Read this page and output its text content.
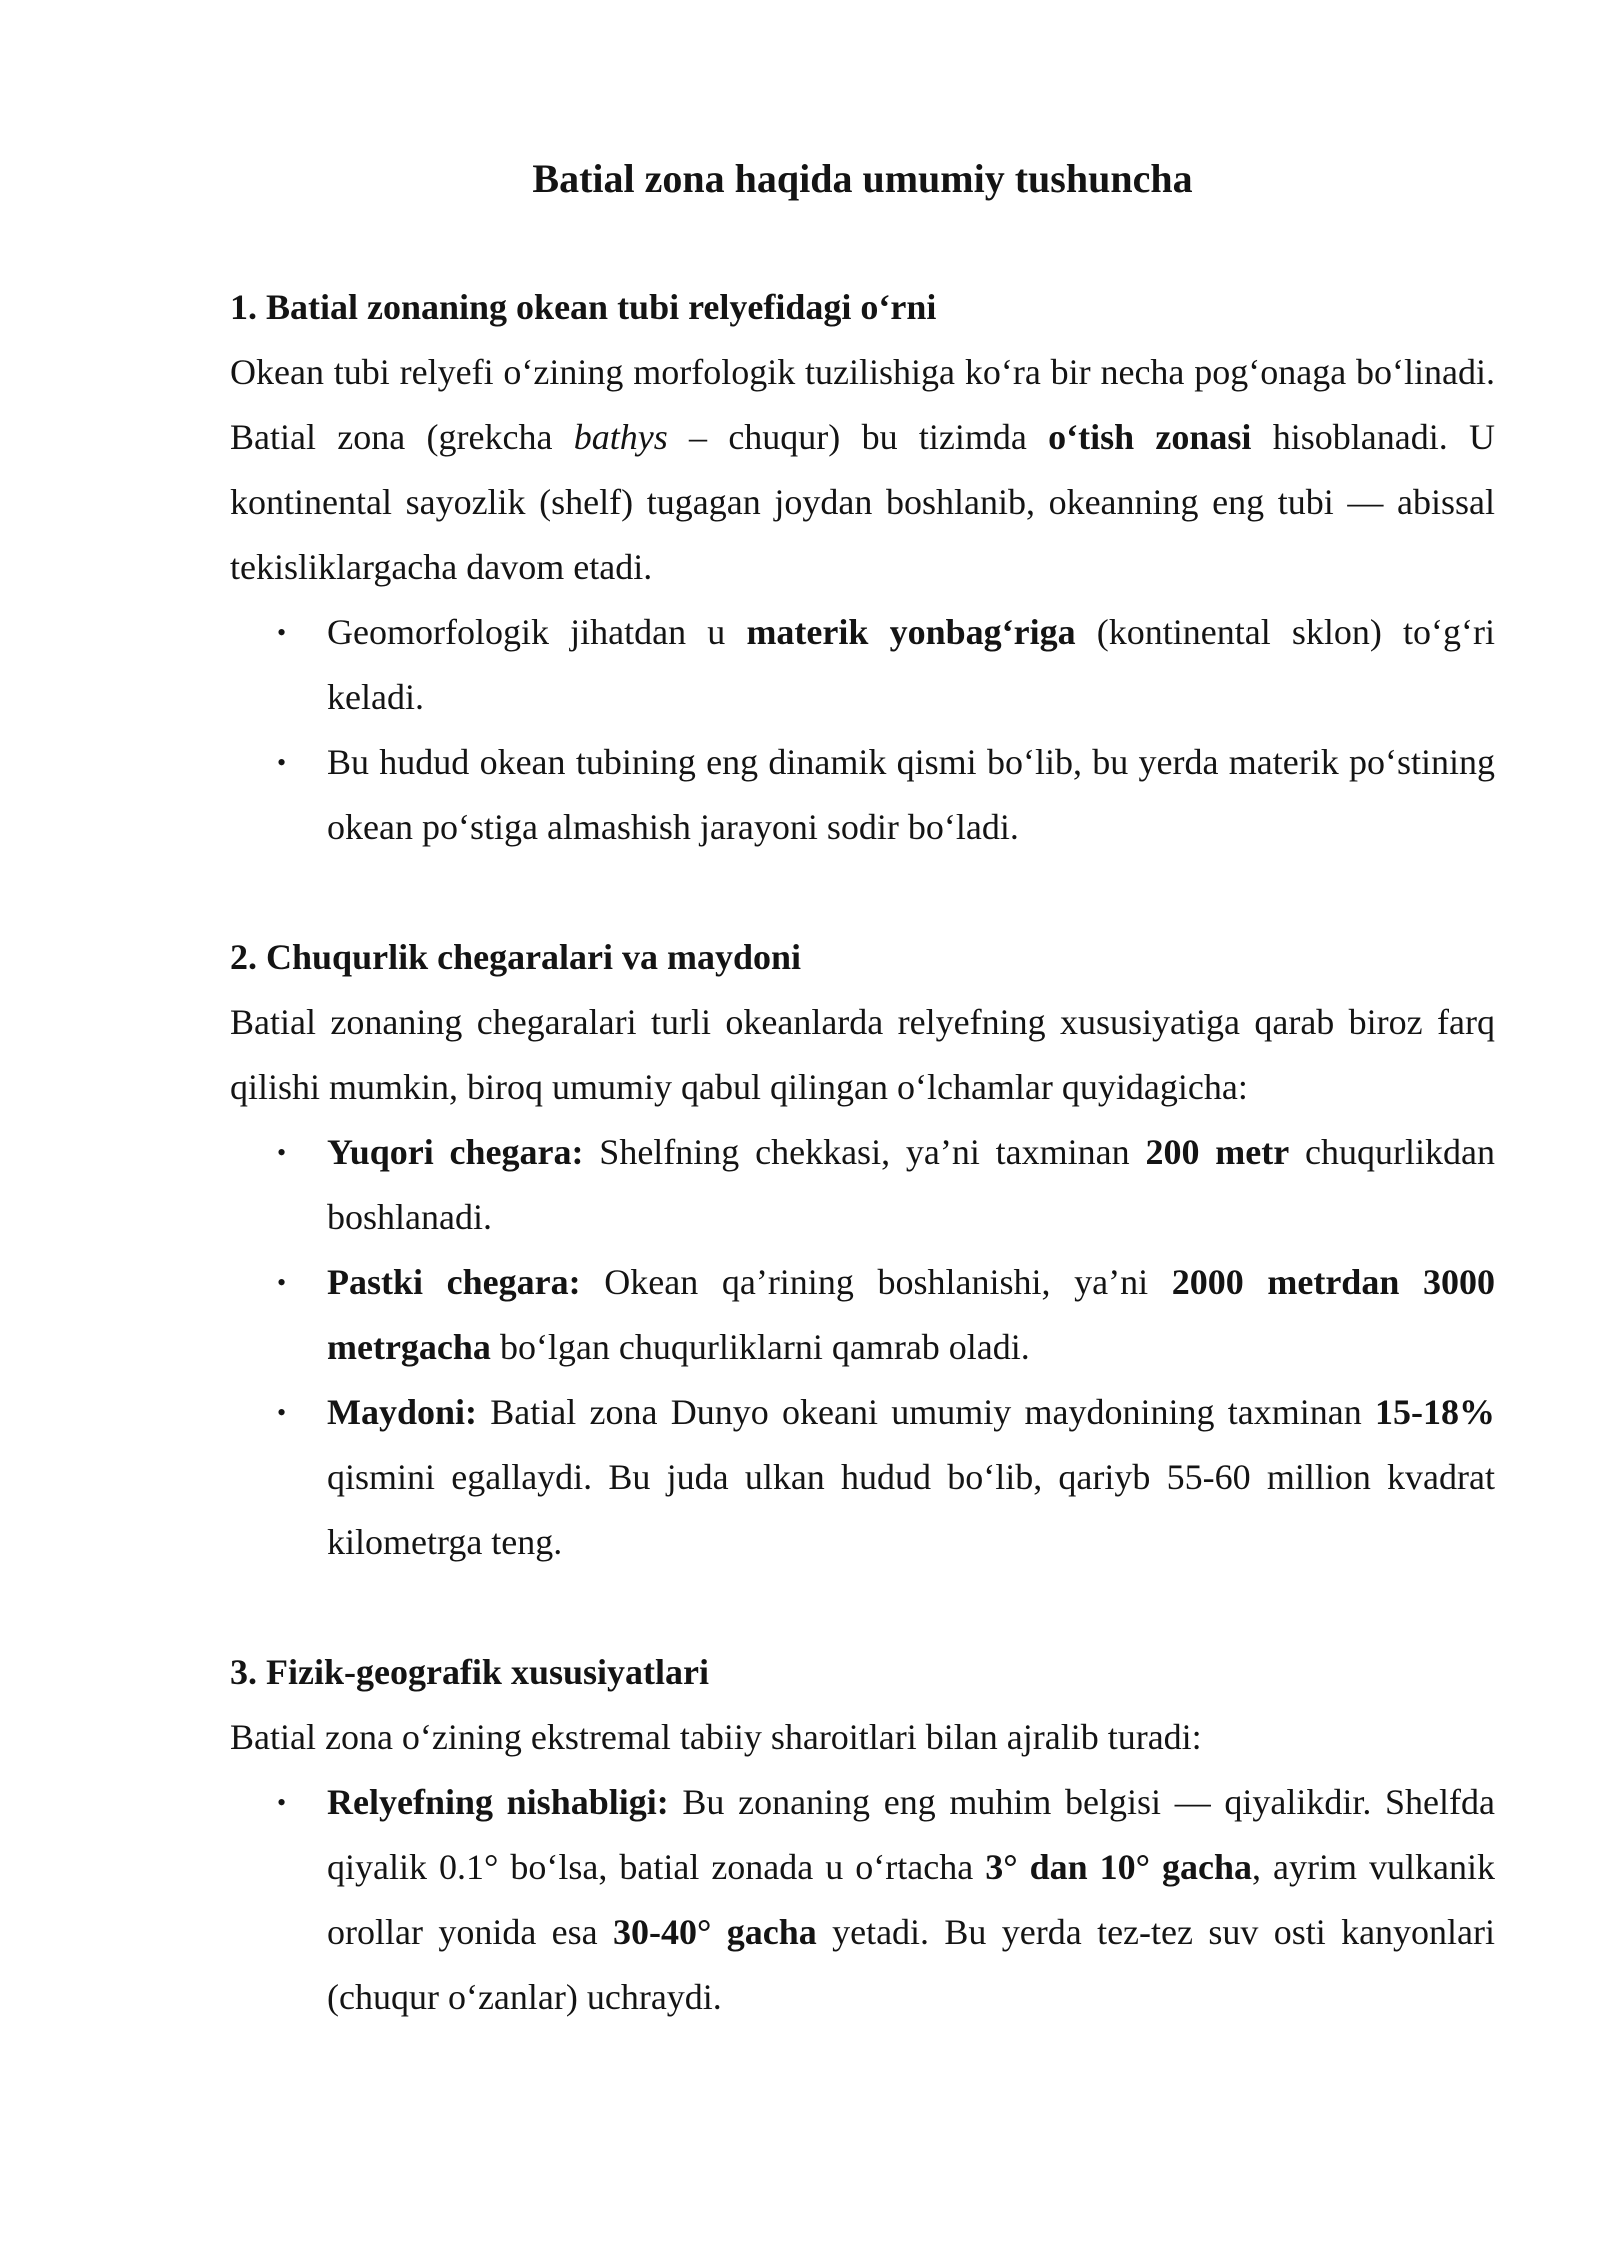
Batial zona haqida umumiy tushuncha

1. Batial zonaning okean tubi relyefidagi o‘rni

Okean tubi relyefi o‘zining morfologik tuzilishiga ko‘ra bir necha pog‘onaga bo‘linadi. Batial zona (grekcha bathys – chuqur) bu tizimda o‘tish zonasi hisoblanadi. U kontinental sayozlik (shelf) tugagan joydan boshlanib, okeanning eng tubi — abissal tekisliklargacha davom etadi.

• Geomorfologik jihatdan u materik yonbag‘riga (kontinental sklon) to‘g‘ri keladi.
• Bu hudud okean tubining eng dinamik qismi bo‘lib, bu yerda materik po‘stining okean po‘stiga almashish jarayoni sodir bo‘ladi.

2. Chuqurlik chegaralari va maydoni

Batial zonaning chegaralari turli okeanlarda relyefning xususiyatiga qarab biroz farq qilishi mumkin, biroq umumiy qabul qilingan o‘lchamlar quyidagicha:

• Yuqori chegara: Shelfning chekkasi, ya’ni taxminan 200 metr chuqurlikdan boshlanadi.
• Pastki chegara: Okean qa’rining boshlanishi, ya’ni 2000 metrdan 3000 metrgacha bo‘lgan chuqurliklarni qamrab oladi.
• Maydoni: Batial zona Dunyo okeani umumiy maydonining taxminan 15-18% qismini egallaydi. Bu juda ulkan hudud bo‘lib, qariyb 55-60 million kvadrat kilometrga teng.

3. Fizik-geografik xususiyatlari

Batial zona o‘zining ekstremal tabiiy sharoitlari bilan ajralib turadi:

• Relyefning nishabligi: Bu zonaning eng muhim belgisi — qiyalikdir. Shelfda qiyalik 0.1° bo‘lsa, batial zonada u o‘rtacha 3° dan 10° gacha, ayrim vulkanik orollar yonida esa 30-40° gacha yetadi. Bu yerda tez-tez suv osti kanyonlari (chuqur o‘zanlar) uchraydi.
